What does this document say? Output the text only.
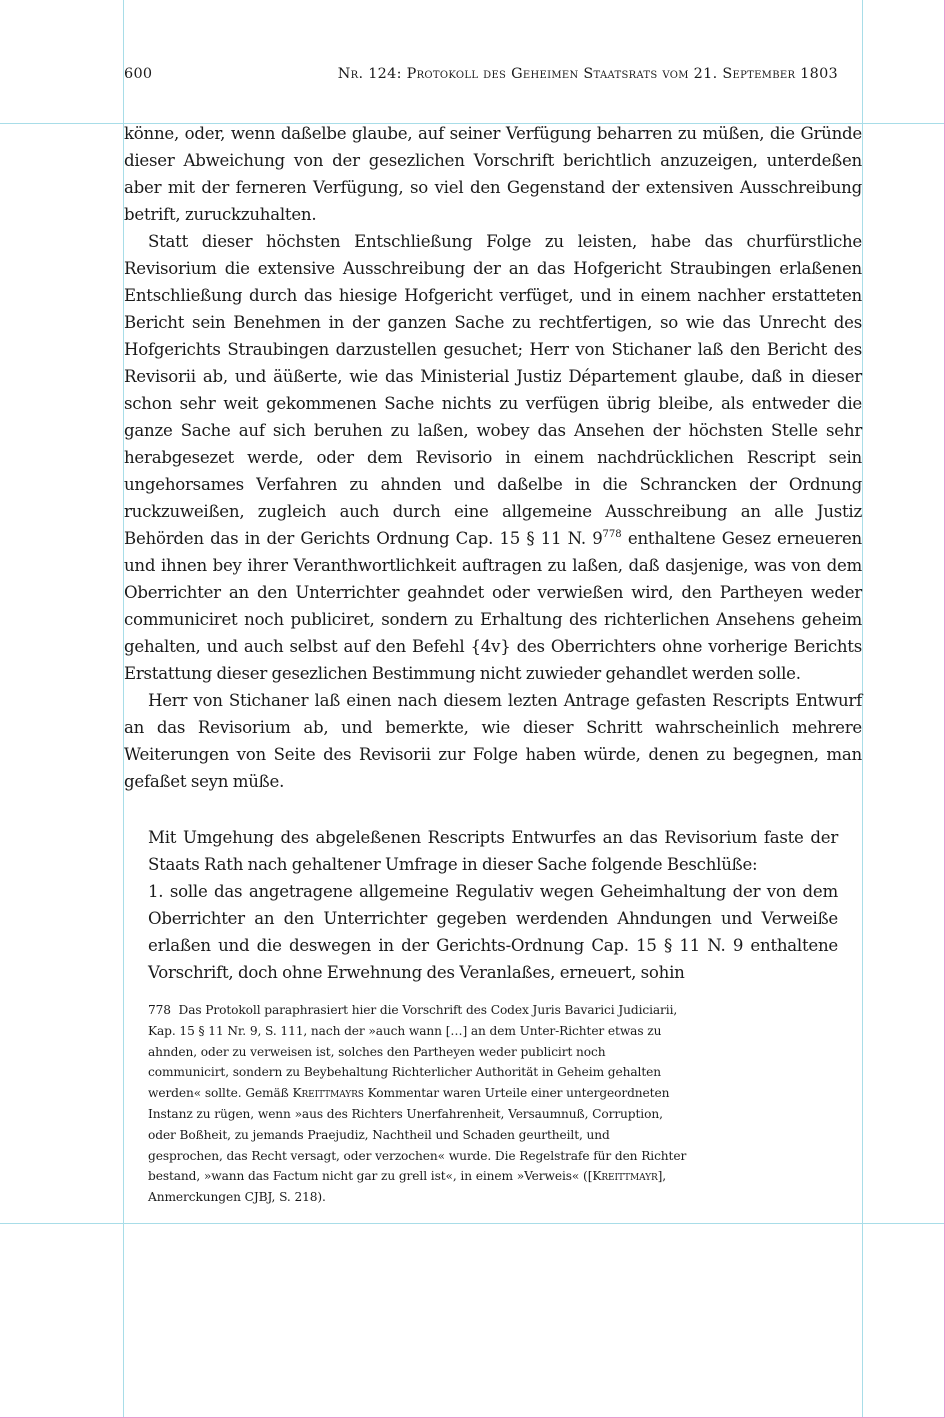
600	Nr. 124: Protokoll des Geheimen Staatsrats vom 21. September 1803

könne, oder, wenn daßelbe glaube, auf seiner Verfügung beharren zu müßen, die Gründe dieser Abweichung von der gesezlichen Vorschrift berichtlich anzuzeigen, unterdeßen aber mit der ferneren Verfügung, so viel den Gegenstand der extensiven Ausschreibung betrift, zuruckzuhalten.

Statt dieser höchsten Entschließung Folge zu leisten, habe das churfürstliche Revisorium die extensive Ausschreibung der an das Hofgericht Straubingen erlaßenen Entschließung durch das hiesige Hofgericht verfüget, und in einem nachher erstatteten Bericht sein Benehmen in der ganzen Sache zu rechtfertigen, so wie das Unrecht des Hofgerichts Straubingen darzustellen gesuchet; Herr von Stichaner laß den Bericht des Revisorii ab, und äüßerte, wie das Ministerial Justiz Département glaube, daß in dieser schon sehr weit gekommenen Sache nichts zu verfügen übrig bleibe, als entweder die ganze Sache auf sich beruhen zu laßen, wobey das Ansehen der höchsten Stelle sehr herabgesezet werde, oder dem Revisorio in einem nachdrücklichen Rescript sein ungehorsames Verfahren zu ahnden und daßelbe in die Schrancken der Ordnung ruckzuweißen, zugleich auch durch eine allgemeine Ausschreibung an alle Justiz Behörden das in der Gerichts Ordnung Cap. 15 § 11 N. $9^{778}$ enthaltene Gesez erneueren und ihnen bey ihrer Veranthwortlichkeit auftragen zu laßen, daß dasjenige, was von dem Oberrichter an den Unterrichter geahndet oder verwießen wird, den Partheyen weder communiciret noch publiciret, sondern zu Erhaltung des richterlichen Ansehens geheim gehalten, und auch selbst auf den Befehl {4v} des Oberrichters ohne vorherige Berichts Erstattung dieser gesezlichen Bestimmung nicht zuwieder gehandlet werden solle.

Herr von Stichaner laß einen nach diesem lezten Antrage gefasten Rescripts Entwurf an das Revisorium ab, und bemerkte, wie dieser Schritt wahrscheinlich mehrere Weiterungen von Seite des Revisorii zur Folge haben würde, denen zu begegnen, man gefaßet seyn müße.

Mit Umgehung des abgeleßenen Rescripts Entwurfes an das Revisorium faste der Staats Rath nach gehaltener Umfrage in dieser Sache folgende Beschlüße:

1. solle das angetragene allgemeine Regulativ wegen Geheimhaltung der von dem Oberrichter an den Unterrichter gegeben werdenden Ahndungen und Verweiße erlaßen und die deswegen in der Gerichts-Ordnung Cap. 15 § 11 N. 9 enthaltene Vorschrift, doch ohne Erwehnung des Veranlaßes, erneuert, sohin

778 Das Protokoll paraphrasiert hier die Vorschrift des Codex Juris Bavarici Judiciarii, Kap. 15 § 11 Nr. 9, S. 111, nach der »auch wann […] an dem Unter-Richter etwas zu ahnden, oder zu verweisen ist, solches den Partheyen weder publicirt noch communicirt, sondern zu Beybehaltung Richterlicher Authorität in Geheim gehalten werden« sollte. Gemäß Kreittmayrs Kommentar waren Urteile einer untergeordneten Instanz zu rügen, wenn »aus des Richters Unerfahrenheit, Versaumnuß, Corruption, oder Boßheit, zu jemands Praejudiz, Nachtheil und Schaden geurtheilt, und gesprochen, das Recht versagt, oder verzochen« wurde. Die Regelstrafe für den Richter bestand, »wann das Factum nicht gar zu grell ist«, in einem »Verweis« ([Kreittmayr], Anmerckungen CJBJ, S. 218).
